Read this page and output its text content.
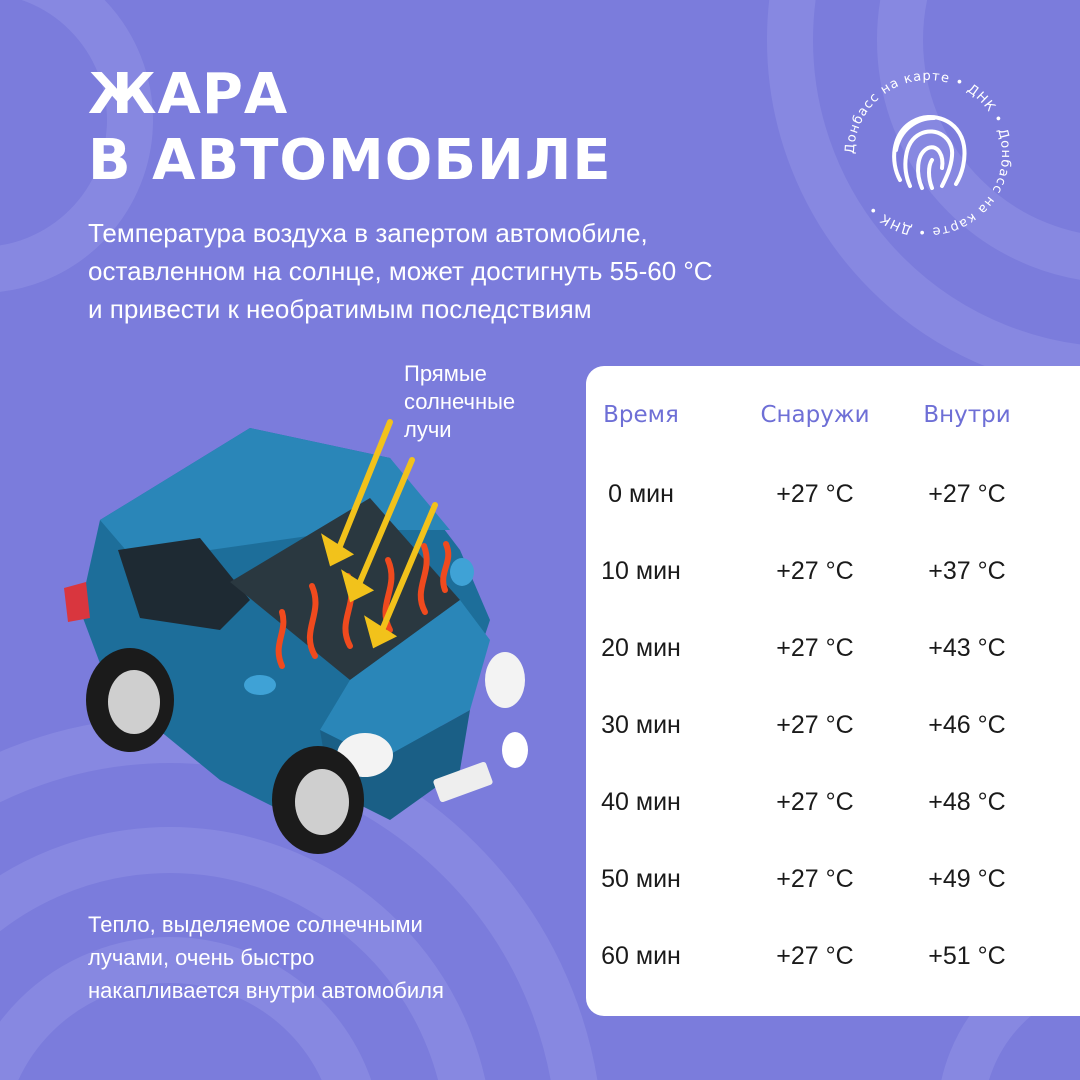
ЖАРА
В АВТОМОБИЛЕ

Температура воздуха в запертом автомобиле,
оставленном на солнце, может достигнуть 55-60 °С
и привести к необратимым последствиям

Донбасс на карте • ДНК • Донбасс на карте • ДНК •

Прямые
солнечные
лучи

Тепло, выделяемое солнечными
лучами, очень быстро
накапливается внутри автомобиля

Время	Снаружи	Внутри
0 мин	+27 °С	+27 °С
10 мин	+27 °С	+37 °С
20 мин	+27 °С	+43 °С
30 мин	+27 °С	+46 °С
40 мин	+27 °С	+48 °С
50 мин	+27 °С	+49 °С
60 мин	+27 °С	+51 °С
